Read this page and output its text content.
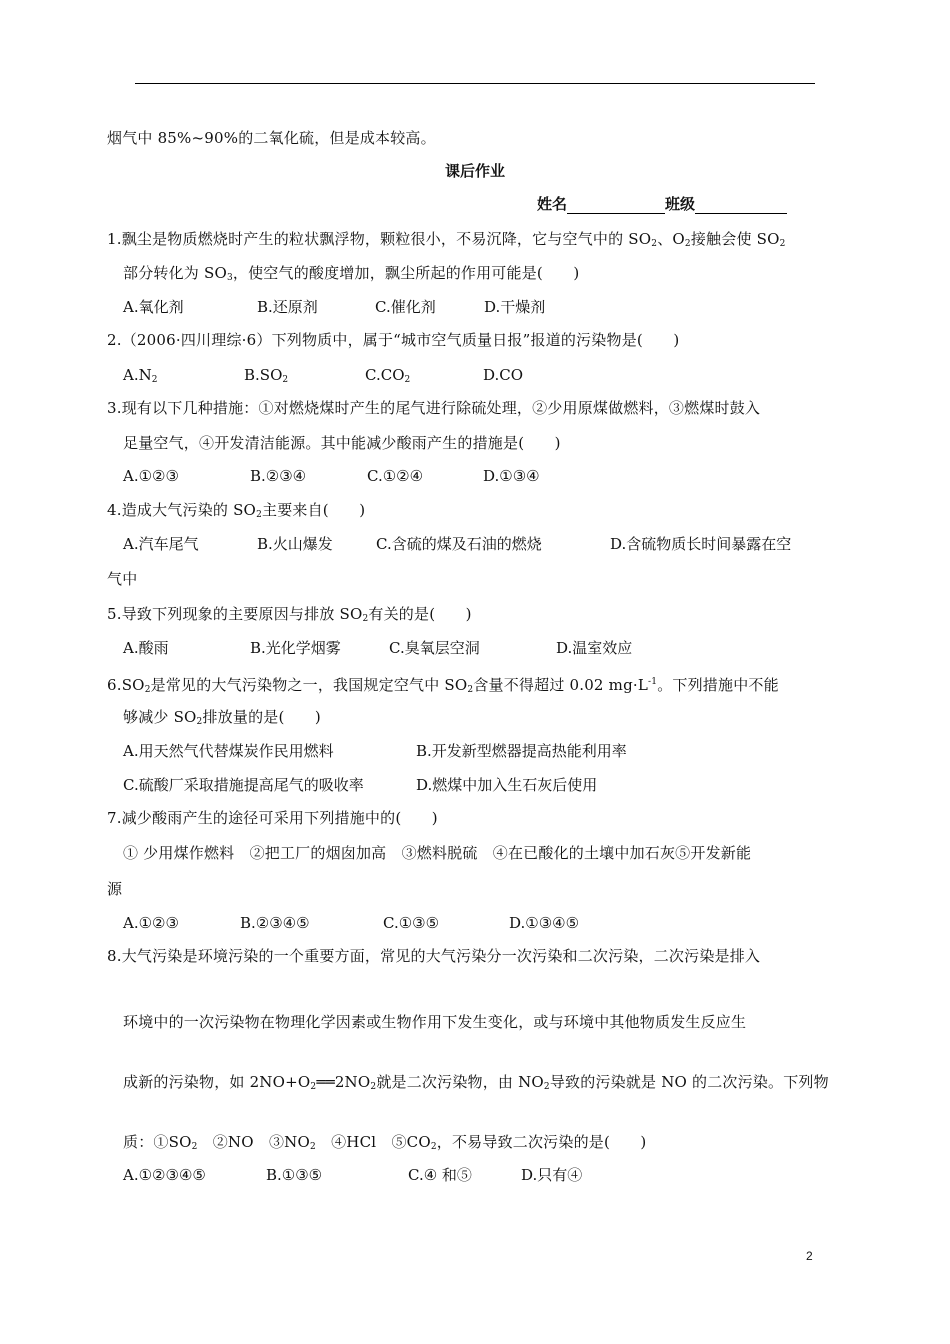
烟气中 85%~90%的二氧化硫，但是成本较高。
课后作业
姓名	班级
1.飘尘是物质燃烧时产生的粒状飘浮物，颗粒很小，不易沉降，它与空气中的 $SO_2$、$O_2$接触会使 $SO_2$
部分转化为 $SO_3$，使空气的酸度增加，飘尘所起的作用可能是(　　)
A.氧化剂	B.还原剂	C.催化剂	D.干燥剂
2.（2006·四川理综·6）下列物质中，属于“城市空气质量日报”报道的污染物是(　　)
$A.N_2$	$B.SO_2$	$C.CO_2$	D.CO
3.现有以下几种措施：①对燃烧煤时产生的尾气进行除硫处理，②少用原煤做燃料，③燃煤时鼓入
足量空气，④开发清洁能源。其中能减少酸雨产生的措施是(　　)
A.①②③	B.②③④	C.①②④	D.①③④
4.造成大气污染的 $SO_2$主要来自(　　)
A.汽车尾气	B.火山爆发	C.含硫的煤及石油的燃烧	D.含硫物质长时间暴露在空
气中
5.导致下列现象的主要原因与排放 $SO_2$有关的是(　　)
A.酸雨	B.光化学烟雾	C.臭氧层空洞	D.温室效应
$6.SO_2$是常见的大气污染物之一，我国规定空气中 $SO_2$含量不得超过 0.02 $mg\cdot L^{-1}$。下列措施中不能
够减少 $SO_2$排放量的是(　　)
A.用天然气代替煤炭作民用燃料	B.开发新型燃器提高热能利用率
C.硫酸厂采取措施提高尾气的吸收率	D.燃煤中加入生石灰后使用
7.减少酸雨产生的途径可采用下列措施中的(　　)
① 少用煤作燃料　②把工厂的烟囱加高　③燃料脱硫　④在已酸化的土壤中加石灰⑤开发新能
源
A.①②③	B.②③④⑤	C.①③⑤	D.①③④⑤
8.大气污染是环境污染的一个重要方面，常见的大气污染分一次污染和二次污染，二次污染是排入
环境中的一次污染物在物理化学因素或生物作用下发生变化，或与环境中其他物质发生反应生
成新的污染物，如 $2NO+O_2══2NO_2$就是二次污染物，由 $NO_2$导致的污染就是 NO 的二次污染。下列物
质：$①SO_2$　②NO　$③NO_2$　④HCl　$⑤CO_2$，不易导致二次污染的是(　　)
A.①②③④⑤	B.①③⑤	C.④ 和⑤	D.只有④
2
